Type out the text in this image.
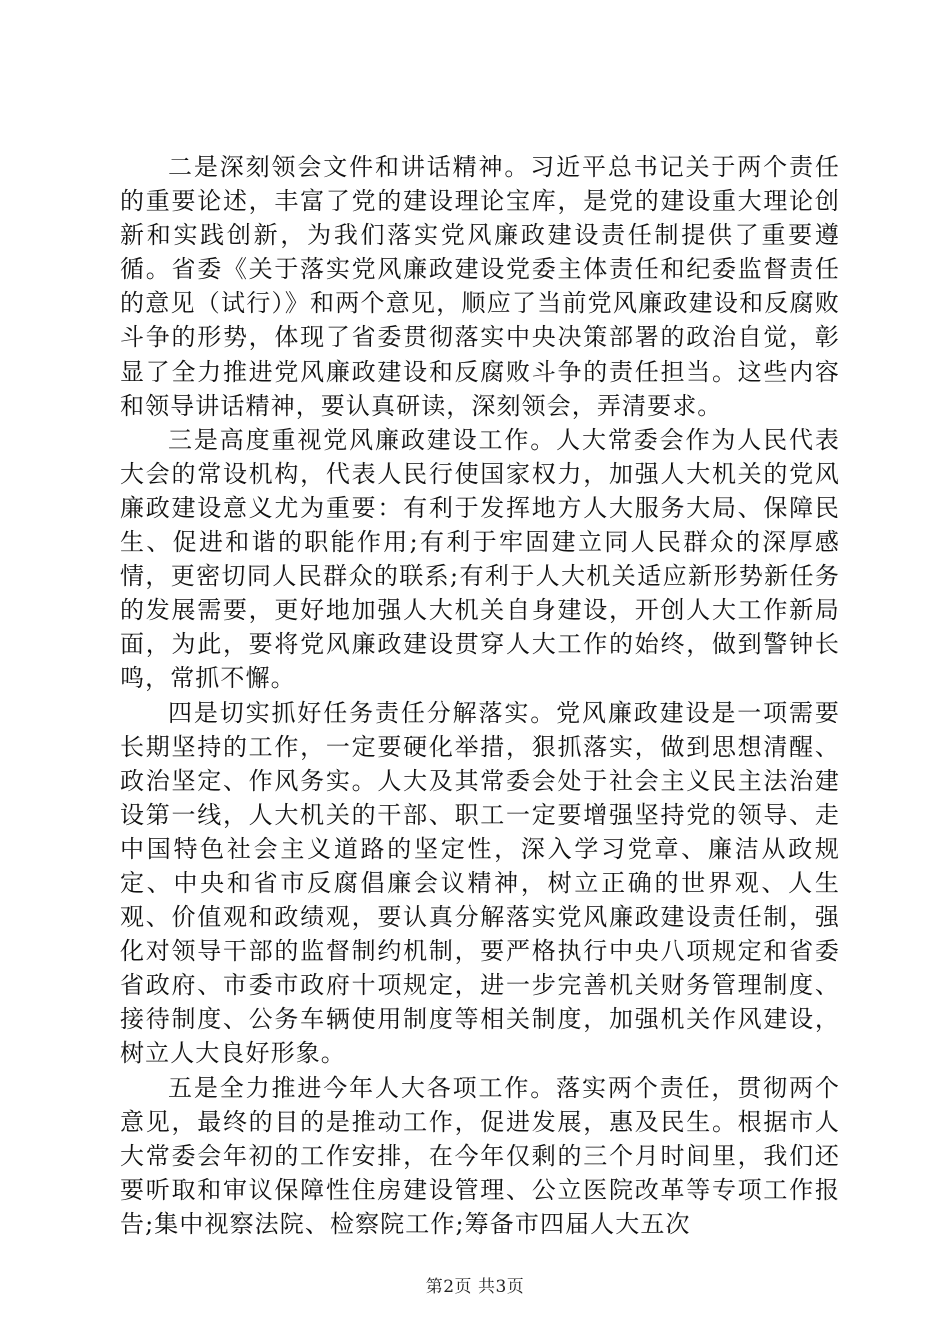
二是深刻领会文件和讲话精神。习近平总书记关于两个责任的重要论述，丰富了党的建设理论宝库，是党的建设重大理论创新和实践创新，为我们落实党风廉政建设责任制提供了重要遵循。省委《关于落实党风廉政建设党委主体责任和纪委监督责任的意见（试行）》和两个意见，顺应了当前党风廉政建设和反腐败斗争的形势，体现了省委贯彻落实中央决策部署的政治自觉，彰显了全力推进党风廉政建设和反腐败斗争的责任担当。这些内容和领导讲话精神，要认真研读，深刻领会，弄清要求。

三是高度重视党风廉政建设工作。人大常委会作为人民代表大会的常设机构，代表人民行使国家权力，加强人大机关的党风廉政建设意义尤为重要：有利于发挥地方人大服务大局、保障民生、促进和谐的职能作用;有利于牢固建立同人民群众的深厚感情，更密切同人民群众的联系;有利于人大机关适应新形势新任务的发展需要，更好地加强人大机关自身建设，开创人大工作新局面，为此，要将党风廉政建设贯穿人大工作的始终，做到警钟长鸣，常抓不懈。

四是切实抓好任务责任分解落实。党风廉政建设是一项需要长期坚持的工作，一定要硬化举措，狠抓落实，做到思想清醒、政治坚定、作风务实。人大及其常委会处于社会主义民主法治建设第一线，人大机关的干部、职工一定要增强坚持党的领导、走中国特色社会主义道路的坚定性，深入学习党章、廉洁从政规定、中央和省市反腐倡廉会议精神，树立正确的世界观、人生观、价值观和政绩观，要认真分解落实党风廉政建设责任制，强化对领导干部的监督制约机制，要严格执行中央八项规定和省委省政府、市委市政府十项规定，进一步完善机关财务管理制度、接待制度、公务车辆使用制度等相关制度，加强机关作风建设，树立人大良好形象。

五是全力推进今年人大各项工作。落实两个责任，贯彻两个意见，最终的目的是推动工作，促进发展，惠及民生。根据市人大常委会年初的工作安排，在今年仅剩的三个月时间里，我们还要听取和审议保障性住房建设管理、公立医院改革等专项工作报告;集中视察法院、检察院工作;筹备市四届人大五次

第2页 共3页
